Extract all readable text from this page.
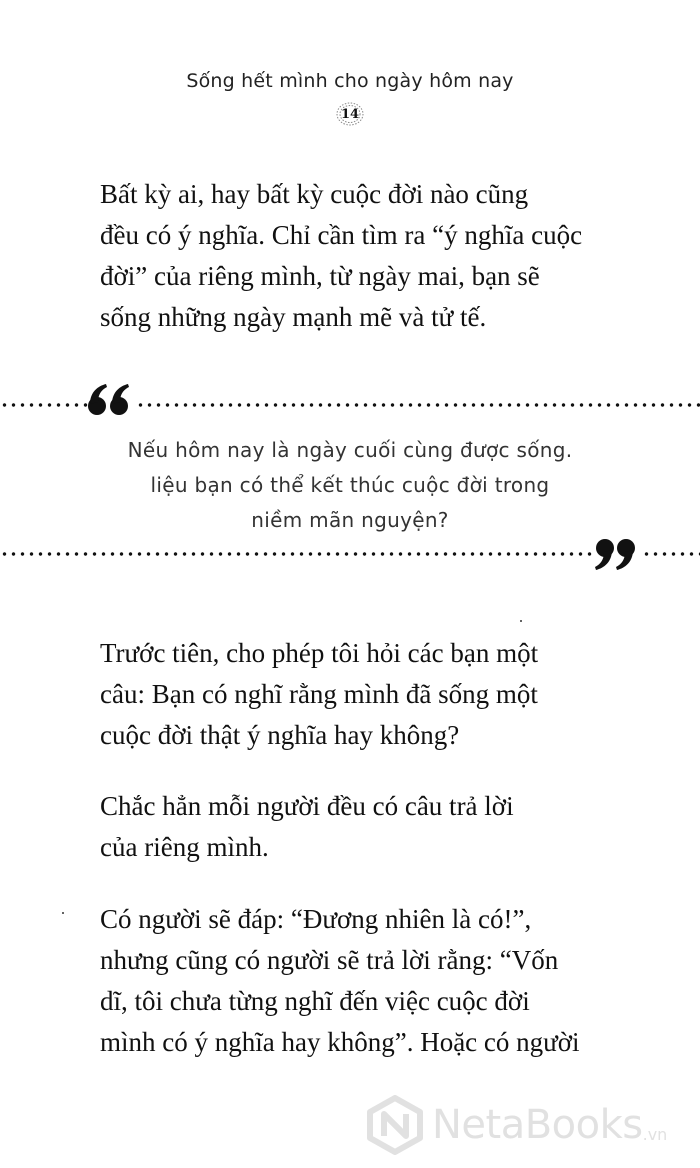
Sống hết mình cho ngày hôm nay
14
Bất kỳ ai, hay bất kỳ cuộc đời nào cũng
đều có ý nghĩa. Chỉ cần tìm ra “ý nghĩa cuộc
đời” của riêng mình, từ ngày mai, bạn sẽ
sống những ngày mạnh mẽ và tử tế.
Nếu hôm nay là ngày cuối cùng được sống.
liệu bạn có thể kết thúc cuộc đời trong
niềm mãn nguyện?
Trước tiên, cho phép tôi hỏi các bạn một
câu: Bạn có nghĩ rằng mình đã sống một
cuộc đời thật ý nghĩa hay không?
Chắc hẳn mỗi người đều có câu trả lời
của riêng mình.
Có người sẽ đáp: “Đương nhiên là có!”,
nhưng cũng có người sẽ trả lời rằng: “Vốn
dĩ, tôi chưa từng nghĩ đến việc cuộc đời
mình có ý nghĩa hay không”. Hoặc có người
NetaBooks .vn
